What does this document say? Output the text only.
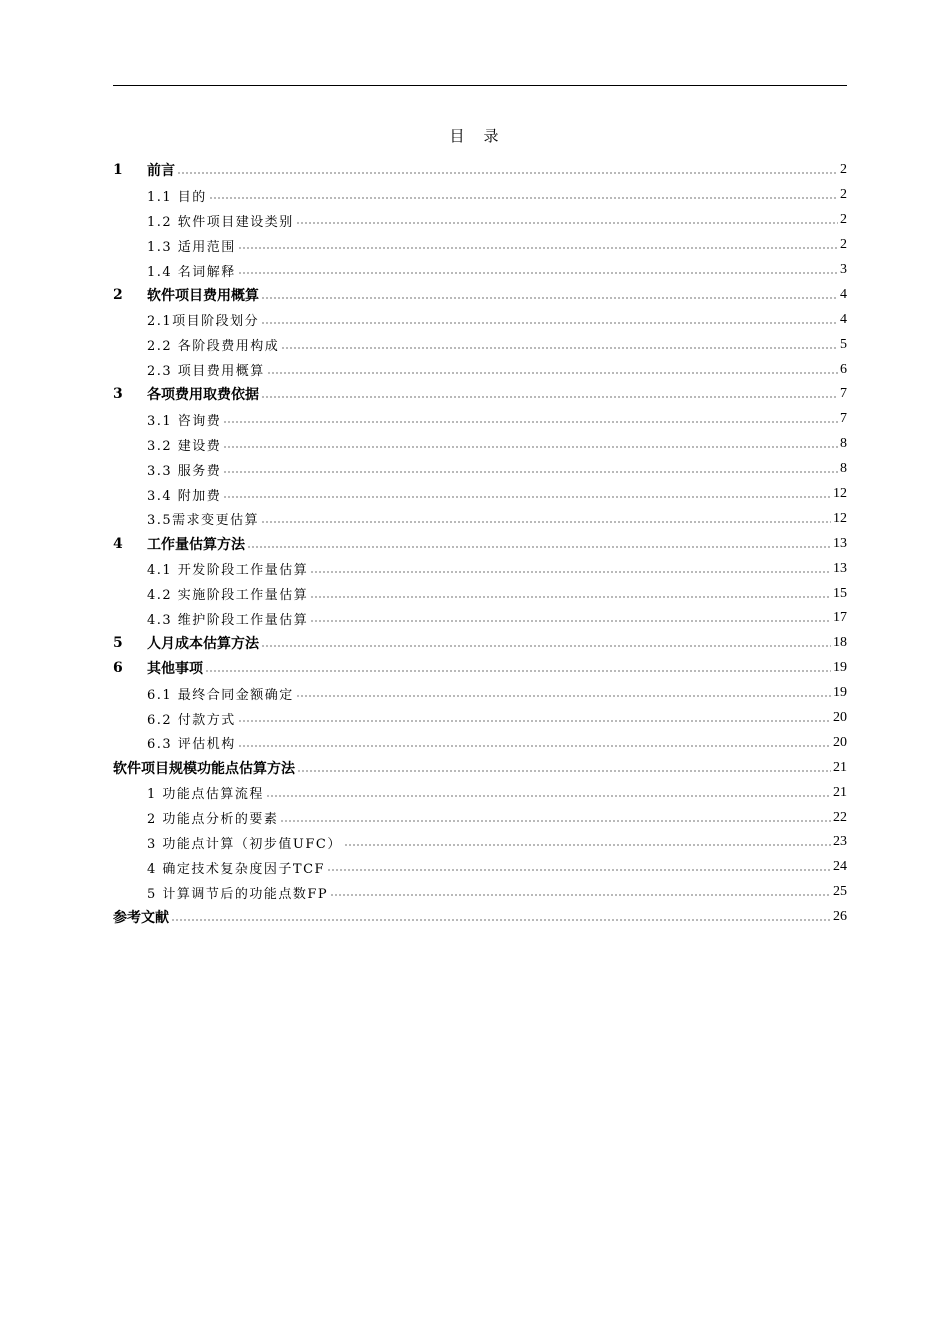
目　录
1	前言	2
1.1 目的	2
1.2 软件项目建设类别	2
1.3 适用范围	2
1.4 名词解释	3
2	软件项目费用概算	4
2.1项目阶段划分	4
2.2 各阶段费用构成	5
2.3 项目费用概算	6
3	各项费用取费依据	7
3.1 咨询费	7
3.2 建设费	8
3.3 服务费	8
3.4 附加费	12
3.5需求变更估算	12
4	工作量估算方法	13
4.1 开发阶段工作量估算	13
4.2 实施阶段工作量估算	15
4.3 维护阶段工作量估算	17
5	人月成本估算方法	18
6	其他事项	19
6.1 最终合同金额确定	19
6.2 付款方式	20
6.3 评估机构	20
软件项目规模功能点估算方法	21
1 功能点估算流程	21
2 功能点分析的要素	22
3 功能点计算（初步值UFC）	23
4 确定技术复杂度因子TCF	24
5 计算调节后的功能点数FP	25
参考文献	26
